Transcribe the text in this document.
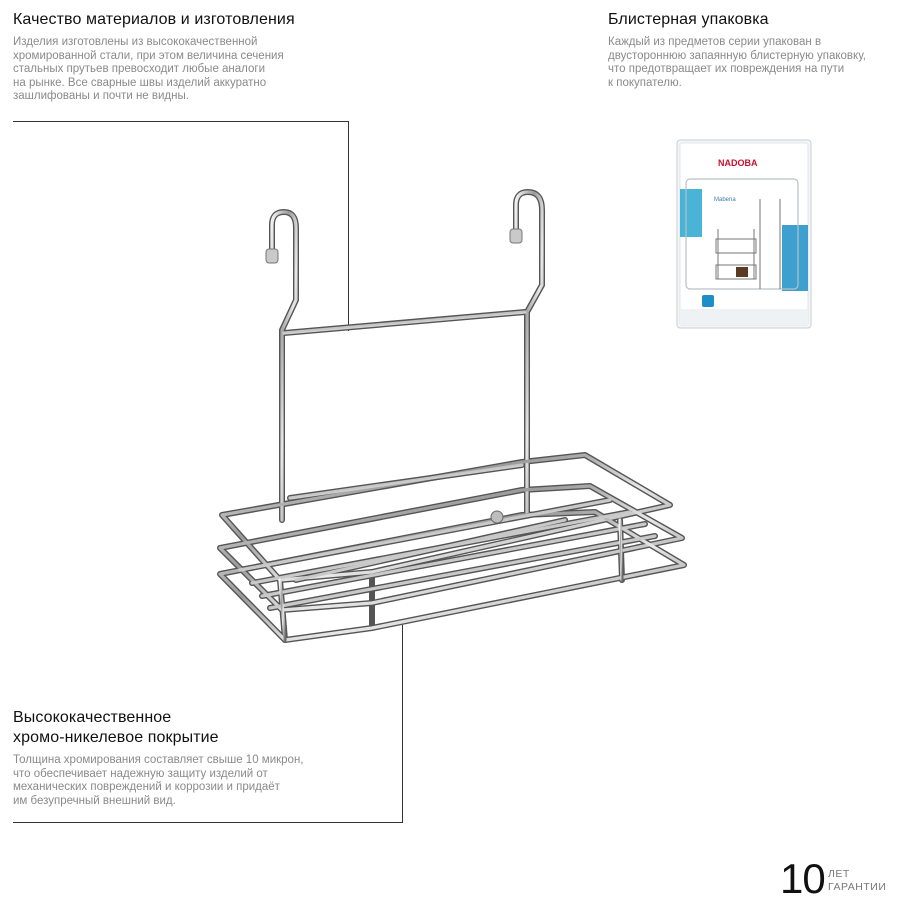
Качество материалов и изготовления

Изделия изготовлены из высококачественной
хромированной стали, при этом величина сечения
стальных прутьев превосходит любые аналоги
на рынке. Все сварные швы изделий аккуратно
зашлифованы и почти не видны.

Блистерная упаковка

Каждый из предметов серии упакован в
двустороннюю запаянную блистерную упаковку,
что предотвращает их повреждения на пути
к покупателю.

Высококачественное
хромо-никелевое покрытие

Толщина хромирования составляет свыше 10 микрон,
что обеспечивает надежную защиту изделий от
механических повреждений и коррозии и придаёт
им безупречный внешний вид.

NADOBA
Mabena
10 ЛЕТ
ГАРАНТИИ
